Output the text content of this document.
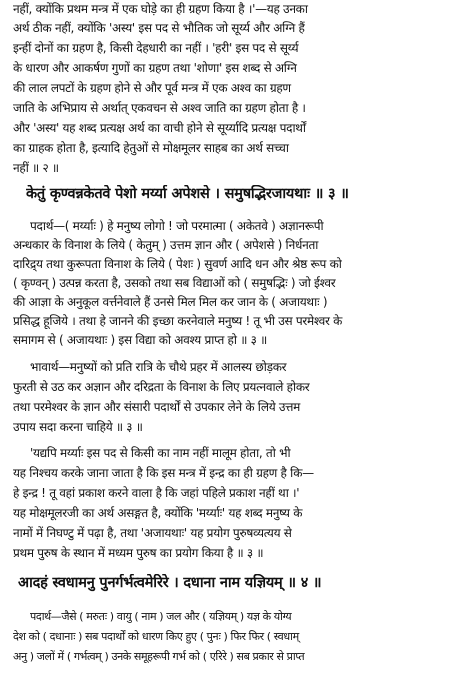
नहीं, क्योंकि प्रथम मन्त्र में एक घोड़े का ही ग्रहण किया है ।'—यह उनका
अर्थ ठीक नहीं, क्योंकि 'अस्य' इस पद से भौतिक जो सूर्य्य और अग्नि हैं
इन्हीं दोनों का ग्रहण है, किसी देहधारी का नहीं । 'हरी' इस पद से सूर्य्य
के धारण और आकर्षण गुणों का ग्रहण तथा 'शोणा' इस शब्द से अग्नि
की लाल लपटों के ग्रहण होने से और पूर्व मन्त्र में एक अश्व का ग्रहण
जाति के अभिप्राय से अर्थात् एकवचन से अश्व जाति का ग्रहण होता है ।
और 'अस्य' यह शब्द प्रत्यक्ष अर्थ का वाची होने से सूर्य्यादि प्रत्यक्ष पदार्थों
का ग्राहक होता है, इत्यादि हेतुओं से मोक्षमूलर साहब का अर्थ सच्चा
नहीं ॥ २ ॥
केतुं कृण्वन्नकेतवे पेशो मर्य्या अपेशसे । समुषद्भिरजायथाः ॥ ३ ॥
पदार्थ—( मर्य्याः ) हे मनुष्य लोगो ! जो परमात्मा ( अकेतवे ) अज्ञानरूपी
अन्धकार के विनाश के लिये ( केतुम् ) उत्तम ज्ञान और ( अपेशसे ) निर्धनता
दारिद्र्य तथा कुरूपता विनाश के लिये ( पेशः ) सुवर्ण आदि धन और श्रेष्ठ रूप को
( कृण्वन् ) उत्पन्न करता है, उसको तथा सब विद्याओं को ( समुषद्भिः ) जो ईश्वर
की आज्ञा के अनुकूल वर्त्तनेवाले हैं उनसे मिल मिल कर जान के ( अजायथाः )
प्रसिद्ध हूजिये । तथा हे जानने की इच्छा करनेवाले मनुष्य ! तू भी उस परमेश्वर के
समागम से ( अजायथाः ) इस विद्या को अवश्य प्राप्त हो ॥ ३ ॥
भावार्थ—मनुष्यों को प्रति रात्रि के चौथे प्रहर में आलस्य छोड़कर
फुरती से उठ कर अज्ञान और दरिद्रता के विनाश के लिए प्रयत्नवाले होकर
तथा परमेश्वर के ज्ञान और संसारी पदार्थों से उपकार लेने के लिये उत्तम
उपाय सदा करना चाहिये ॥ ३ ॥
'यद्यपि मर्य्याः इस पद से किसी का नाम नहीं मालूम होता, तो भी
यह निश्चय करके जाना जाता है कि इस मन्त्र में इन्द्र का ही ग्रहण है कि—
हे इन्द्र ! तू वहां प्रकाश करने वाला है कि जहां पहिले प्रकाश नहीं था ।'
यह मोक्षमूलरजी का अर्थ असङ्गत है, क्योंकि 'मर्य्याः' यह शब्द मनुष्य के
नामों में निघण्टु में पढ़ा है, तथा 'अजायथाः' यह प्रयोग पुरुषव्यत्यय से
प्रथम पुरुष के स्थान में मध्यम पुरुष का प्रयोग किया है ॥ ३ ॥
आदहं स्वधामनु पुनर्गर्भत्वमेरिरे । दधाना नाम यज्ञियम् ॥ ४ ॥
पदार्थ—जैसे ( मरुतः ) वायु ( नाम ) जल और ( यज्ञियम् ) यज्ञ के योग्य
देश को ( दधानाः ) सब पदार्थों को धारण किए हुए ( पुनः ) फिर फिर ( स्वधाम्
अनु ) जलों में ( गर्भत्वम् ) उनके समूहरूपी गर्भ को ( एरिरे ) सब प्रकार से प्राप्त
